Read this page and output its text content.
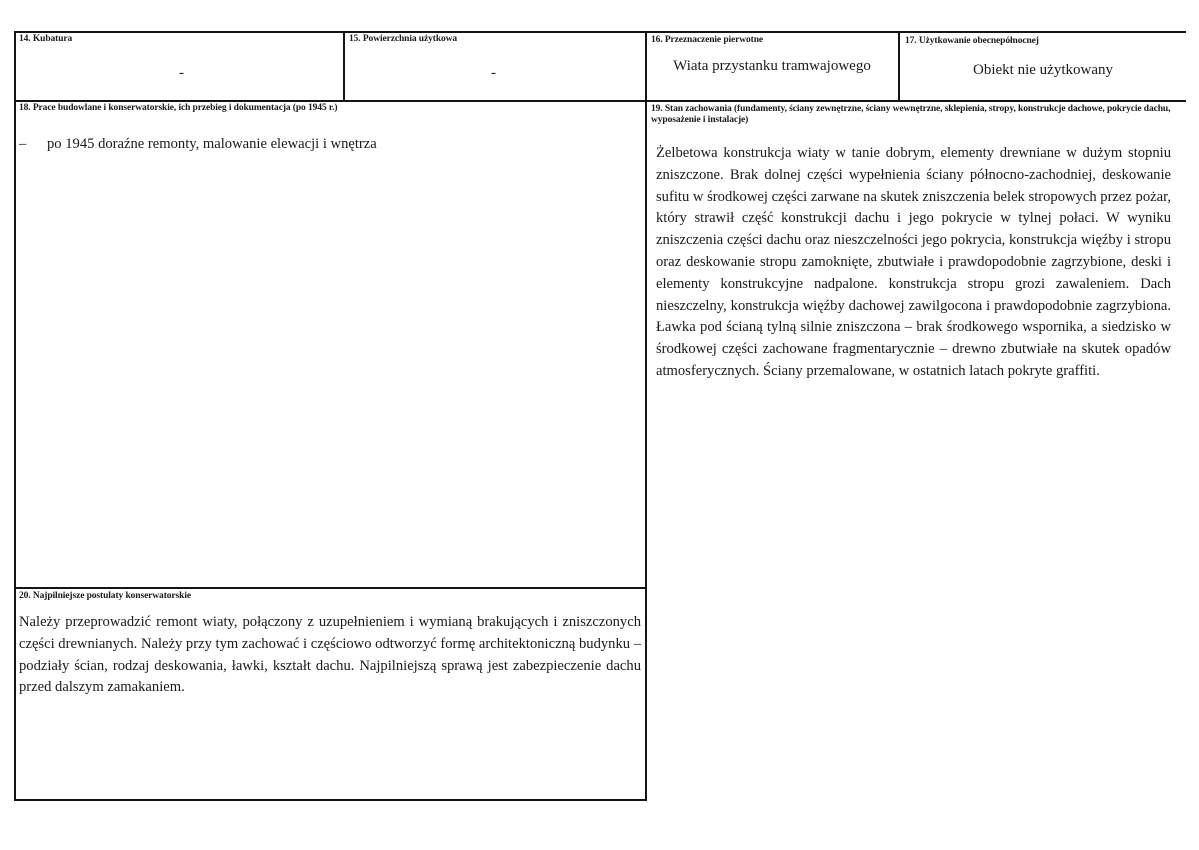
14. Kubatura
-
15. Powierzchnia użytkowa
-
16. Przeznaczenie pierwotne
Wiata przystanku tramwajowego
17. Użytkowanie obecnepółnocnej
Obiekt nie użytkowany
18. Prace budowlane i konserwatorskie, ich przebieg i dokumentacja (po 1945 r.)
– po 1945 doraźne remonty, malowanie elewacji i wnętrza
19. Stan zachowania (fundamenty, ściany zewnętrzne, ściany wewnętrzne, sklepienia, stropy, konstrukcje dachowe, pokrycie dachu, wyposażenie i instalacje)
Żelbetowa konstrukcja wiaty w tanie dobrym, elementy drewniane w dużym stopniu zniszczone. Brak dolnej części wypełnienia ściany północno-zachodniej, deskowanie sufitu w środkowej części zarwane na skutek zniszczenia belek stropowych przez pożar, który strawił część konstrukcji dachu i jego pokrycie w tylnej połaci. W wyniku zniszczenia części dachu oraz nieszczelności jego pokrycia, konstrukcja więźby i stropu oraz deskowanie stropu zamoknięte, zbutwiałe i prawdopodobnie zagrzybione, deski i elementy konstrukcyjne nadpalone. konstrukcja stropu grozi zawaleniem. Dach nieszczelny, konstrukcja więźby dachowej zawilgocona i prawdopodobnie zagrzybiona. Ławka pod ścianą tylną silnie zniszczona – brak środkowego wspornika, a siedzisko w środkowej części zachowane fragmentarycznie – drewno zbutwiałe na skutek opadów atmosferycznych. Ściany przemalowane, w ostatnich latach pokryte graffiti.
20. Najpilniejsze postulaty konserwatorskie
Należy przeprowadzić remont wiaty, połączony z uzupełnieniem i wymianą brakujących i zniszczonych części drewnianych. Należy przy tym zachować i częściowo odtworzyć formę architektoniczną budynku – podziały ścian, rodzaj deskowania, ławki, kształt dachu. Najpilniejszą sprawą jest zabezpieczenie dachu przed dalszym zamakaniem.
